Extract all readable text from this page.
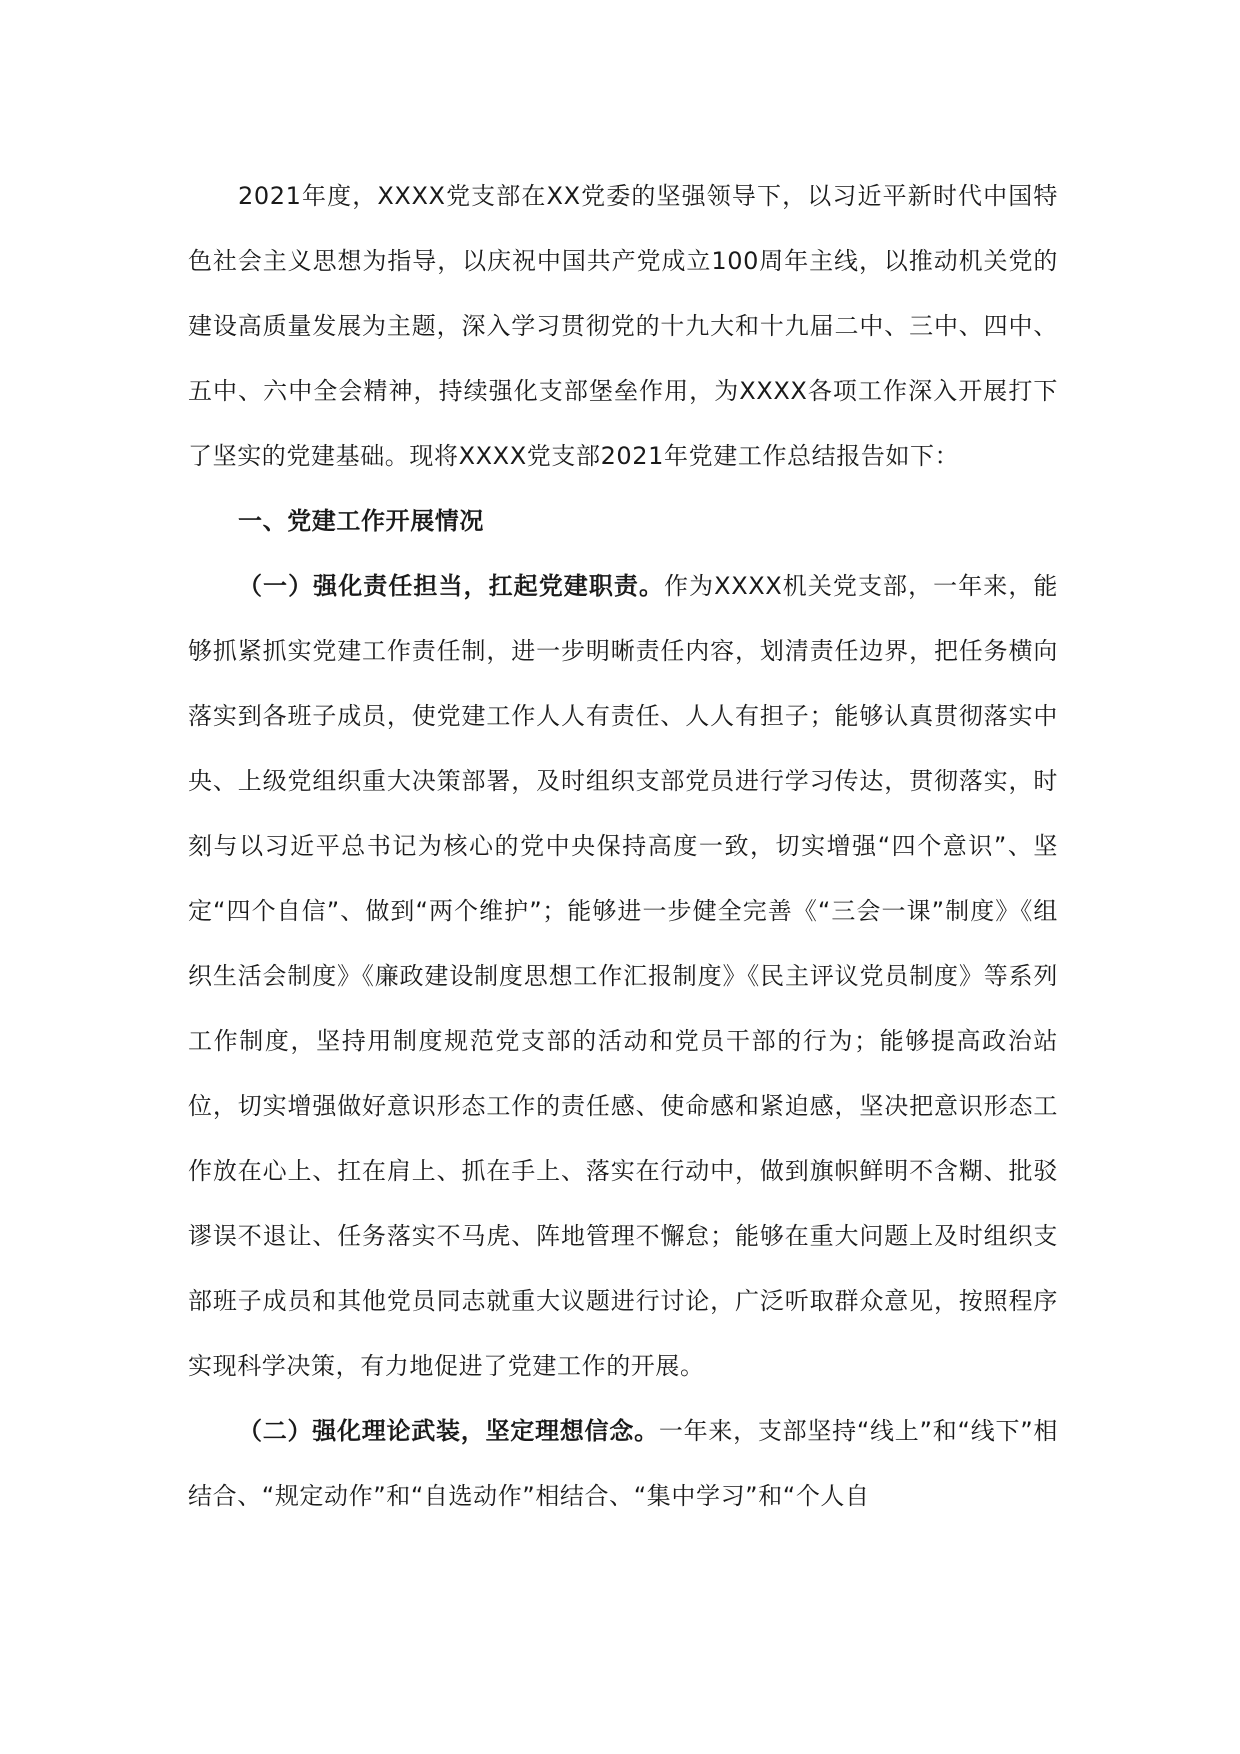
2021年度，XXXX党支部在XX党委的坚强领导下，以习近平新时代中国特色社会主义思想为指导，以庆祝中国共产党成立100周年主线，以推动机关党的建设高质量发展为主题，深入学习贯彻党的十九大和十九届二中、三中、四中、五中、六中全会精神，持续强化支部堡垒作用，为XXXX各项工作深入开展打下了坚实的党建基础。现将XXXX党支部2021年党建工作总结报告如下：

一、党建工作开展情况

（一）强化责任担当，扛起党建职责。作为XXXX机关党支部，一年来，能够抓紧抓实党建工作责任制，进一步明晰责任内容，划清责任边界，把任务横向落实到各班子成员，使党建工作人人有责任、人人有担子；能够认真贯彻落实中央、上级党组织重大决策部署，及时组织支部党员进行学习传达，贯彻落实，时刻与以习近平总书记为核心的党中央保持高度一致，切实增强“四个意识”、坚定“四个自信”、做到“两个维护”；能够进一步健全完善《“三会一课”制度》《组织生活会制度》《廉政建设制度思想工作汇报制度》《民主评议党员制度》等系列工作制度，坚持用制度规范党支部的活动和党员干部的行为；能够提高政治站位，切实增强做好意识形态工作的责任感、使命感和紧迫感，坚决把意识形态工作放在心上、扛在肩上、抓在手上、落实在行动中，做到旗帜鲜明不含糊、批驳谬误不退让、任务落实不马虎、阵地管理不懈怠；能够在重大问题上及时组织支部班子成员和其他党员同志就重大议题进行讨论，广泛听取群众意见，按照程序实现科学决策，有力地促进了党建工作的开展。

（二）强化理论武装，坚定理想信念。一年来，支部坚持“线上”和“线下”相结合、“规定动作”和“自选动作”相结合、“集中学习”和“个人自
